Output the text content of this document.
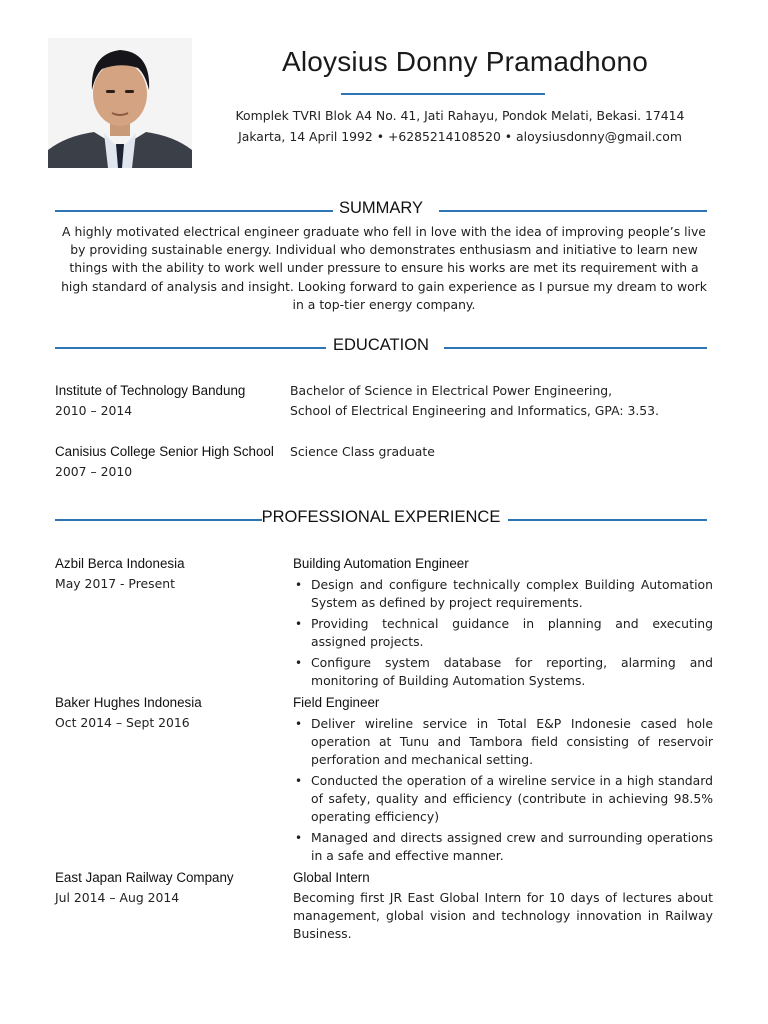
Aloysius Donny Pramadhono
Komplek TVRI Blok A4 No. 41, Jati Rahayu, Pondok Melati, Bekasi. 17414
Jakarta, 14 April 1992 • +6285214108520 • aloysiusdonny@gmail.com
SUMMARY
A highly motivated electrical engineer graduate who fell in love with the idea of improving people’s live by providing sustainable energy. Individual who demonstrates enthusiasm and initiative to learn new things with the ability to work well under pressure to ensure his works are met its requirement with a high standard of analysis and insight. Looking forward to gain experience as I pursue my dream to work in a top-tier energy company.
EDUCATION
Institute of Technology Bandung
2010 – 2014
Bachelor of Science in Electrical Power Engineering,
School of Electrical Engineering and Informatics, GPA: 3.53.
Canisius College Senior High School
2007 – 2010
Science Class graduate
PROFESSIONAL EXPERIENCE
Azbil Berca Indonesia
May 2017 - Present
Building Automation Engineer
• Design and configure technically complex Building Automation System as defined by project requirements.
• Providing technical guidance in planning and executing assigned projects.
• Configure system database for reporting, alarming and monitoring of Building Automation Systems.
Baker Hughes Indonesia
Oct 2014 – Sept 2016
Field Engineer
• Deliver wireline service in Total E&P Indonesie cased hole operation at Tunu and Tambora field consisting of reservoir perforation and mechanical setting.
• Conducted the operation of a wireline service in a high standard of safety, quality and efficiency (contribute in achieving 98.5% operating efficiency)
• Managed and directs assigned crew and surrounding operations in a safe and effective manner.
East Japan Railway Company
Jul 2014 – Aug 2014
Global Intern
Becoming first JR East Global Intern for 10 days of lectures about management, global vision and technology innovation in Railway Business.
